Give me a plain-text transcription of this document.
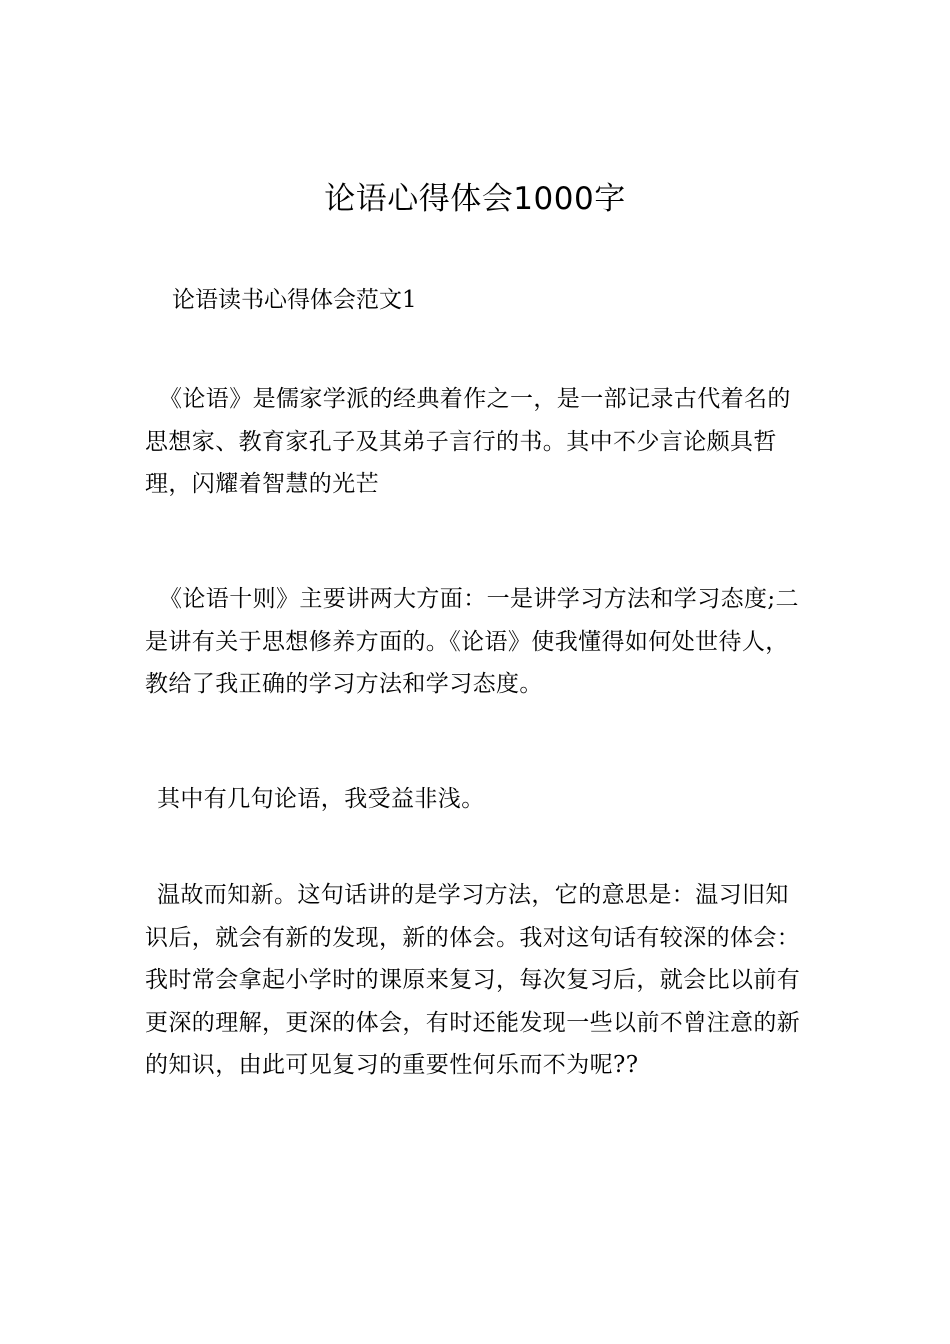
论语心得体会1000字
论语读书心得体会范文1

《论语》是儒家学派的经典着作之一，是一部记录古代着名的思想家、教育家孔子及其弟子言行的书。其中不少言论颇具哲理，闪耀着智慧的光芒

《论语十则》主要讲两大方面：一是讲学习方法和学习态度;二是讲有关于思想修养方面的。《论语》使我懂得如何处世待人，教给了我正确的学习方法和学习态度。

其中有几句论语，我受益非浅。

温故而知新。这句话讲的是学习方法，它的意思是：温习旧知识后，就会有新的发现，新的体会。我对这句话有较深的体会：我时常会拿起小学时的课原来复习，每次复习后，就会比以前有更深的理解，更深的体会，有时还能发现一些以前不曾注意的新的知识，由此可见复习的重要性何乐而不为呢??
